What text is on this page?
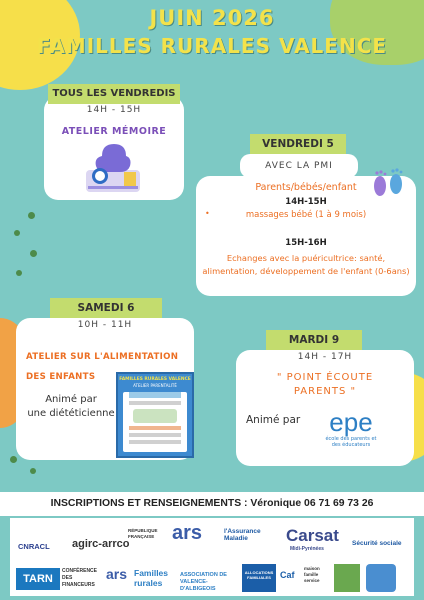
JUIN 2026
FAMILLES RURALES VALENCE
TOUS LES VENDREDIS
14H - 15H
ATELIER MÉMOIRE
VENDREDI 5
AVEC LA PMI
Parents/bébés/enfant
14H-15H
•	massages bébé (1 à 9 mois)
15H-16H
Echanges avec la puéricultrice: santé, alimentation, développement de l'enfant (0-6ans)
SAMEDI 6
10H - 11H
ATELIER SUR L'ALIMENTATION
DES ENFANTS
Animé par
une diététicienne
FAMILLES RURALES VALENCE
ATELIER PARENTALITÉ
MARDI 9
14H - 17H
" POINT ÉCOUTE
PARENTS "
Animé par epe
école des parents et des éducateurs
INSCRIPTIONS ET RENSEIGNEMENTS : Véronique 06 71 69 73 26
CNRACL agirc-arrco
RÉPUBLIQUE FRANÇAISE ars	l'Assurance Maladie	Carsat
Midi-Pyrénées
Sécurité sociale
TARN
CONFÉRENCE DES FINANCEURS
ars Familles rurales
ASSOCIATION DE VALENCE-D'ALBIGEOIS
ALLOCATIONS FAMILIALES	Caf
maison famille service
